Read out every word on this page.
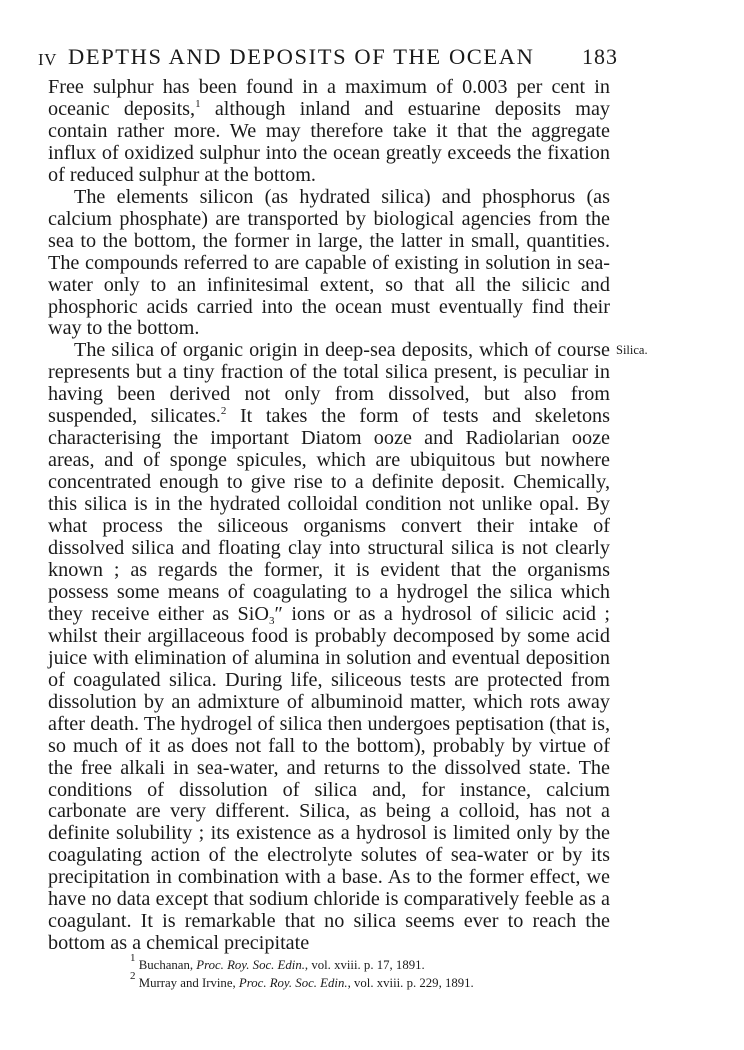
IV DEPTHS AND DEPOSITS OF THE OCEAN 183
Silica.

Free sulphur has been found in a maximum of 0.003 per cent in oceanic deposits,$^1$ although inland and estuarine deposits may contain rather more. We may therefore take it that the aggregate influx of oxidized sulphur into the ocean greatly exceeds the fixation of reduced sulphur at the bottom.

The elements silicon (as hydrated silica) and phosphorus (as calcium phosphate) are transported by biological agencies from the sea to the bottom, the former in large, the latter in small, quantities. The compounds referred to are capable of existing in solution in sea-water only to an infinitesimal extent, so that all the silicic and phosphoric acids carried into the ocean must eventually find their way to the bottom.

The silica of organic origin in deep-sea deposits, which of course represents but a tiny fraction of the total silica present, is peculiar in having been derived not only from dissolved, but also from suspended, silicates.$^2$ It takes the form of tests and skeletons characterising the important Diatom ooze and Radiolarian ooze areas, and of sponge spicules, which are ubiquitous but nowhere concentrated enough to give rise to a definite deposit. Chemically, this silica is in the hydrated colloidal condition not unlike opal. By what process the siliceous organisms convert their intake of dissolved silica and floating clay into structural silica is not clearly known ; as regards the former, it is evident that the organisms possess some means of coagulating to a hydrogel the silica which they receive either as SiO$_3$″ ions or as a hydrosol of silicic acid ; whilst their argillaceous food is probably decomposed by some acid juice with elimination of alumina in solution and eventual deposition of coagulated silica. During life, siliceous tests are protected from dissolution by an admixture of albuminoid matter, which rots away after death. The hydrogel of silica then undergoes peptisation (that is, so much of it as does not fall to the bottom), probably by virtue of the free alkali in sea-water, and returns to the dissolved state. The conditions of dissolution of silica and, for instance, calcium carbonate are very different. Silica, as being a colloid, has not a definite solubility ; its existence as a hydrosol is limited only by the coagulating action of the electrolyte solutes of sea-water or by its precipitation in combination with a base. As to the former effect, we have no data except that sodium chloride is comparatively feeble as a coagulant. It is remarkable that no silica seems ever to reach the bottom as a chemical precipitate

$^1$ Buchanan, Proc. Roy. Soc. Edin., vol. xviii. p. 17, 1891.
$^2$ Murray and Irvine, Proc. Roy. Soc. Edin., vol. xviii. p. 229, 1891.
